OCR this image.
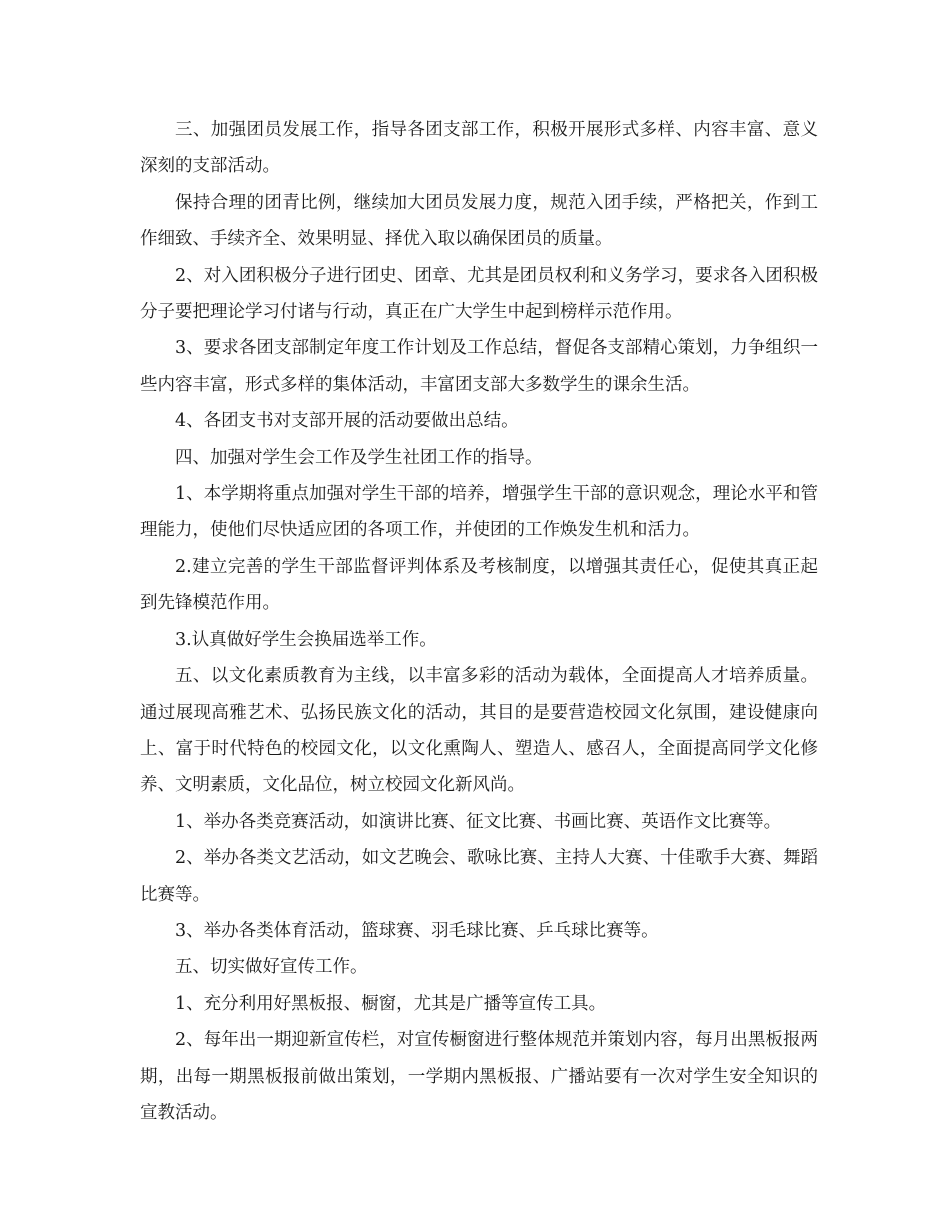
三、加强团员发展工作，指导各团支部工作，积极开展形式多样、内容丰富、意义深刻的支部活动。

保持合理的团青比例，继续加大团员发展力度，规范入团手续，严格把关，作到工作细致、手续齐全、效果明显、择优入取以确保团员的质量。

2、对入团积极分子进行团史、团章、尤其是团员权利和义务学习，要求各入团积极分子要把理论学习付诸与行动，真正在广大学生中起到榜样示范作用。

3、要求各团支部制定年度工作计划及工作总结，督促各支部精心策划，力争组织一些内容丰富，形式多样的集体活动，丰富团支部大多数学生的课余生活。

4、各团支书对支部开展的活动要做出总结。

四、加强对学生会工作及学生社团工作的指导。

1、本学期将重点加强对学生干部的培养，增强学生干部的意识观念，理论水平和管理能力，使他们尽快适应团的各项工作，并使团的工作焕发生机和活力。

2.建立完善的学生干部监督评判体系及考核制度，以增强其责任心，促使其真正起到先锋模范作用。

3.认真做好学生会换届选举工作。

五、以文化素质教育为主线，以丰富多彩的活动为载体，全面提高人才培养质量。通过展现高雅艺术、弘扬民族文化的活动，其目的是要营造校园文化氛围，建设健康向上、富于时代特色的校园文化，以文化熏陶人、塑造人、感召人，全面提高同学文化修养、文明素质，文化品位，树立校园文化新风尚。

1、举办各类竞赛活动，如演讲比赛、征文比赛、书画比赛、英语作文比赛等。

2、举办各类文艺活动，如文艺晚会、歌咏比赛、主持人大赛、十佳歌手大赛、舞蹈比赛等。

3、举办各类体育活动，篮球赛、羽毛球比赛、乒乓球比赛等。

五、切实做好宣传工作。

1、充分利用好黑板报、橱窗，尤其是广播等宣传工具。

2、每年出一期迎新宣传栏，对宣传橱窗进行整体规范并策划内容，每月出黑板报两期，出每一期黑板报前做出策划，一学期内黑板报、广播站要有一次对学生安全知识的宣教活动。
